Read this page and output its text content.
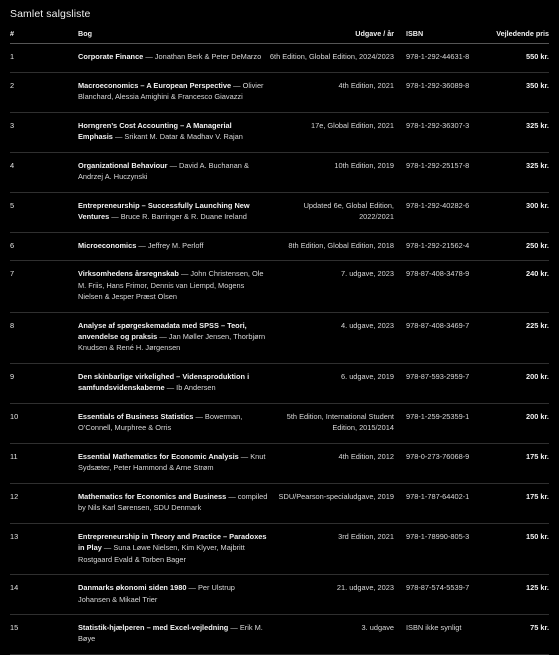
Samlet salgsliste
#	Bog	Udgave / år	ISBN	Vejledende pris
1	Corporate Finance — Jonathan Berk & Peter DeMarzo	6th Edition, Global Edition, 2024/2023	978-1-292-44631-8	550 kr.
2	Macroeconomics – A European Perspective — Olivier Blanchard, Alessia Amighini & Francesco Giavazzi	4th Edition, 2021	978-1-292-36089-8	350 kr.
3	Horngren’s Cost Accounting – A Managerial Emphasis — Srikant M. Datar & Madhav V. Rajan	17e, Global Edition, 2021	978-1-292-36307-3	325 kr.
4	Organizational Behaviour — David A. Buchanan & Andrzej A. Huczynski	10th Edition, 2019	978-1-292-25157-8	325 kr.
5	Entrepreneurship – Successfully Launching New Ventures — Bruce R. Barringer & R. Duane Ireland	Updated 6e, Global Edition, 2022/2021	978-1-292-40282-6	300 kr.
6	Microeconomics — Jeffrey M. Perloff	8th Edition, Global Edition, 2018	978-1-292-21562-4	250 kr.
7	Virksomhedens årsregnskab — John Christensen, Ole M. Friis, Hans Frimor, Dennis van Liempd, Mogens Nielsen & Jesper Præst Olsen	7. udgave, 2023	978-87-408-3478-9	240 kr.
8	Analyse af spørgeskemadata med SPSS – Teori, anvendelse og praksis — Jan Møller Jensen, Thorbjørn Knudsen & René H. Jørgensen	4. udgave, 2023	978-87-408-3469-7	225 kr.
9	Den skinbarlige virkelighed – Vidensproduktion i samfundsvidenskaberne — Ib Andersen	6. udgave, 2019	978-87-593-2959-7	200 kr.
10	Essentials of Business Statistics — Bowerman, O’Connell, Murphree & Orris	5th Edition, International Student Edition, 2015/2014	978-1-259-25359-1	200 kr.
11	Essential Mathematics for Economic Analysis — Knut Sydsæter, Peter Hammond & Arne Strøm	4th Edition, 2012	978-0-273-76068-9	175 kr.
12	Mathematics for Economics and Business — compiled by Nils Karl Sørensen, SDU Denmark	SDU/Pearson-specialudgave, 2019	978-1-787-64402-1	175 kr.
13	Entrepreneurship in Theory and Practice – Paradoxes in Play — Suna Løwe Nielsen, Kim Klyver, Majbritt Rostgaard Evald & Torben Bager	3rd Edition, 2021	978-1-78990-805-3	150 kr.
14	Danmarks økonomi siden 1980 — Per Ulstrup Johansen & Mikael Trier	21. udgave, 2023	978-87-574-5539-7	125 kr.
15	Statistik-hjælperen – med Excel-vejledning — Erik M. Bøye	3. udgave	ISBN ikke synligt	75 kr.
